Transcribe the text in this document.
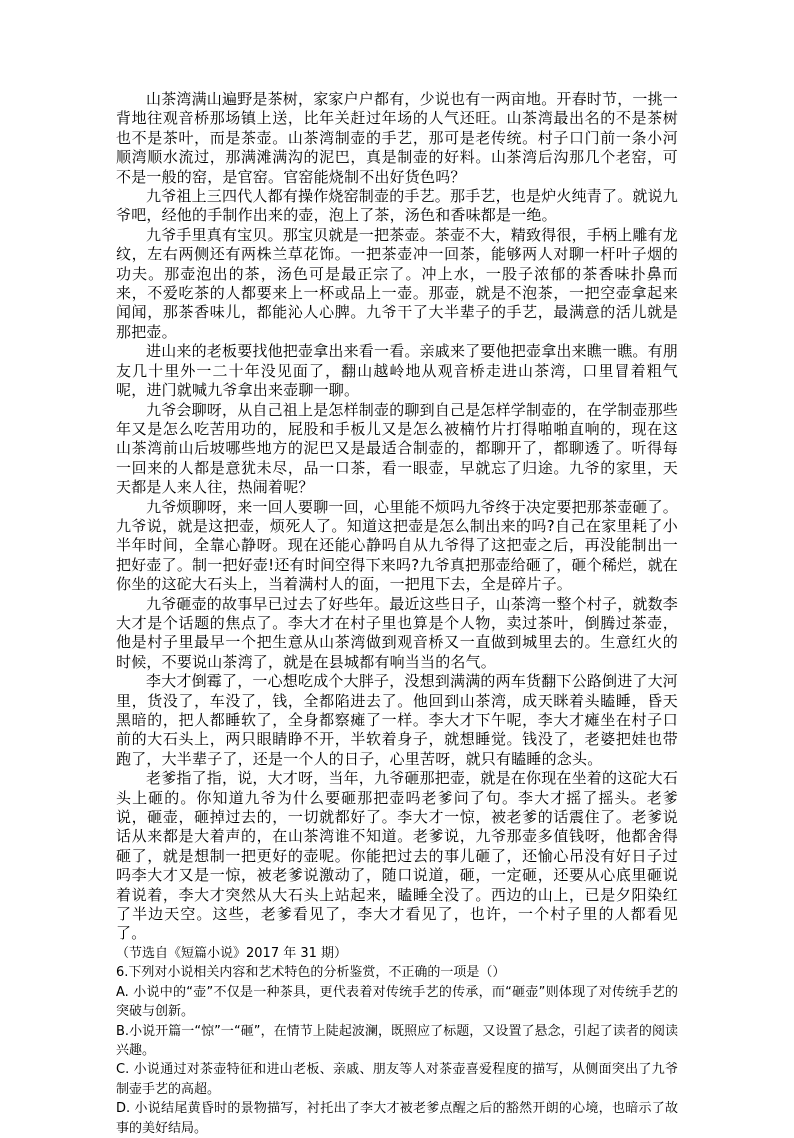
山茶湾满山遍野是茶树，家家户户都有，少说也有一两亩地。开春时节，一挑一背地往观音桥那场镇上送，比年关赶过年场的人气还旺。山茶湾最出名的不是茶树也不是茶叶，而是茶壶。山茶湾制壶的手艺，那可是老传统。村子口门前一条小河顺湾顺水流过，那满滩满沟的泥巴，真是制壶的好料。山茶湾后沟那几个老窑，可不是一般的窑，是官窑。官窑能烧制不出好货色吗？

九爷祖上三四代人都有操作烧窑制壶的手艺。那手艺，也是炉火纯青了。就说九爷吧，经他的手制作出来的壶，泡上了茶，汤色和香味都是一绝。

九爷手里真有宝贝。那宝贝就是一把茶壶。茶壶不大，精致得很，手柄上雕有龙纹，左右两侧还有两株兰草花饰。一把茶壶冲一回茶，能够两人对聊一杆叶子烟的功夫。那壶泡出的茶，汤色可是最正宗了。冲上水，一股子浓郁的茶香味扑鼻而来，不爱吃茶的人都要来上一杯或品上一壶。那壶，就是不泡茶，一把空壶拿起来闻闻，那茶香味儿，都能沁人心脾。九爷干了大半辈子的手艺，最满意的活儿就是那把壶。

进山来的老板要找他把壶拿出来看一看。亲戚来了要他把壶拿出来瞧一瞧。有朋友几十里外一二十年没见面了，翻山越岭地从观音桥走进山茶湾，口里冒着粗气呢，进门就喊九爷拿出来壶聊一聊。

九爷会聊呀，从自己祖上是怎样制壶的聊到自己是怎样学制壶的，在学制壶那些年又是怎么吃苦用功的，屁股和手板儿又是怎么被楠竹片打得啪啪直响的，现在这山茶湾前山后坡哪些地方的泥巴又是最适合制壶的，都聊开了，都聊透了。听得每一回来的人都是意犹未尽，品一口茶，看一眼壶，早就忘了归途。九爷的家里，天天都是人来人往，热闹着呢？

九爷烦聊呀，来一回人要聊一回，心里能不烦吗九爷终于决定要把那茶壶砸了。九爷说，就是这把壶，烦死人了。知道这把壶是怎么制出来的吗?自己在家里耗了小半年时间，全靠心静呀。现在还能心静吗自从九爷得了这把壶之后，再没能制出一把好壶了。制一把好壶!还有时间空得下来吗?九爷真把那壶给砸了，砸个稀烂，就在你坐的这砣大石头上，当着满村人的面，一把甩下去，全是碎片子。

九爷砸壶的故事早已过去了好些年。最近这些日子，山茶湾一整个村子，就数李大才是个话题的焦点了。李大才在村子里也算是个人物，卖过茶叶，倒腾过茶壶，他是村子里最早一个把生意从山茶湾做到观音桥又一直做到城里去的。生意红火的时候，不要说山茶湾了，就是在县城都有响当当的名气。

李大才倒霉了，一心想吃成个大胖子，没想到满满的两车货翻下公路倒进了大河里，货没了，车没了，钱，全都陷进去了。他回到山茶湾，成天眯着头瞌睡，昏天黑暗的，把人都睡软了，全身都察瘫了一样。李大才下午呢，李大才瘫坐在村子口前的大石头上，两只眼睛睁不开，半软着身子，就想睡觉。钱没了，老婆把娃也带跑了，大半辈子了，还是一个人的日子，心里苦呀，就只有瞌睡的念头。

老爹指了指，说，大才呀，当年，九爷砸那把壶，就是在你现在坐着的这砣大石头上砸的。你知道九爷为什么要砸那把壶吗老爹问了句。李大才摇了摇头。老爹说，砸壶，砸掉过去的，一切就都好了。李大才一惊，被老爹的话震住了。老爹说话从来都是大着声的，在山茶湾谁不知道。老爹说，九爷那壶多值钱呀，他都舍得砸了，就是想制一把更好的壶呢。你能把过去的事儿砸了，还愉心吊没有好日子过吗李大才又是一惊，被老爹说激动了，随口说道，砸，一定砸，还要从心底里砸说着说着，李大才突然从大石头上站起来，瞌睡全没了。西边的山上，已是夕阳染红了半边天空。这些，老爹看见了，李大才看见了，也许，一个村子里的人都看见了。

（节选自《短篇小说》2017 年 31 期）

6.下列对小说相关内容和艺术特色的分析鉴赏，不正确的一项是（）

A. 小说中的“壶”不仅是一种茶具，更代表着对传统手艺的传承，而“砸壶”则体现了对传统手艺的突破与创新。

B.小说开篇一“惊”一“砸”，在情节上陡起波澜，既照应了标题，又设置了悬念，引起了读者的阅读兴趣。

C. 小说通过对茶壶特征和进山老板、亲戚、朋友等人对茶壶喜爱程度的描写，从侧面突出了九爷制壶手艺的高超。

D. 小说结尾黄昏时的景物描写，衬托出了李大才被老爹点醒之后的豁然开朗的心境，也暗示了故事的美好结局。
